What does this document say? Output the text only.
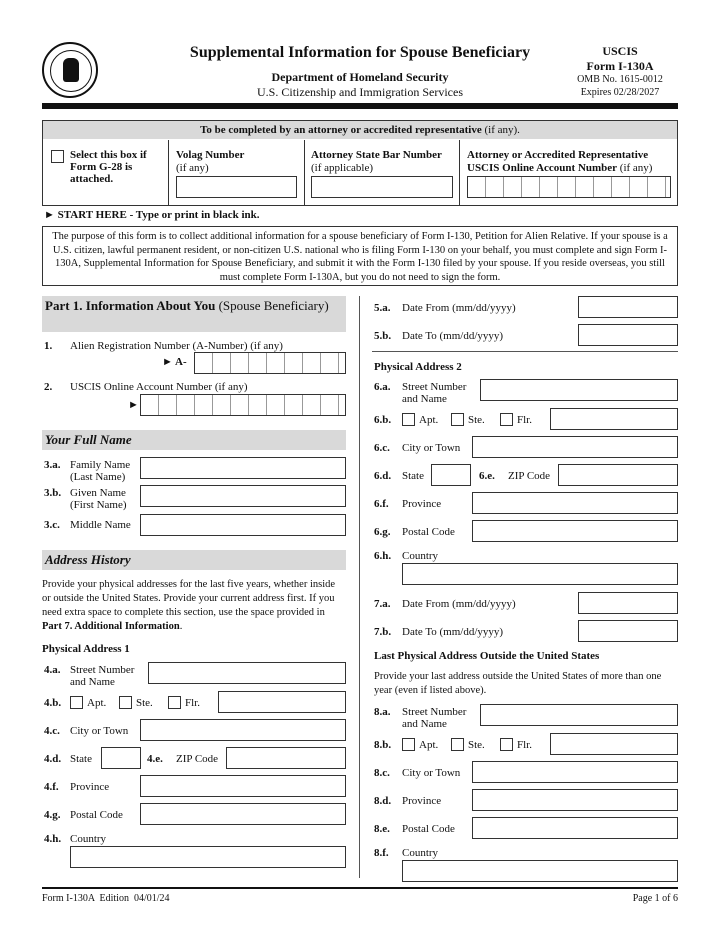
Supplemental Information for Spouse Beneficiary
Department of Homeland Security
U.S. Citizenship and Immigration Services
USCIS
Form I-130A
OMB No. 1615-0012
Expires 02/28/2027
To be completed by an attorney or accredited representative (if any).
Select this box if Form G-28 is attached.
Volag Number
(if any)
Attorney State Bar Number
(if applicable)
Attorney or Accredited Representative
USCIS Online Account Number (if any)
► START HERE - Type or print in black ink.
The purpose of this form is to collect additional information for a spouse beneficiary of Form I-130, Petition for Alien Relative. If your spouse is a U.S. citizen, lawful permanent resident, or non-citizen U.S. national who is filing Form I-130 on your behalf, you must complete and sign Form I-130A, Supplemental Information for Spouse Beneficiary, and submit it with the Form I-130 filed by your spouse. If you reside overseas, you still must complete Form I-130A, but you do not need to sign the form.
Part 1. Information About You (Spouse Beneficiary)
1. Alien Registration Number (A-Number) (if any)
► A-
2. USCIS Online Account Number (if any)
►
Your Full Name
3.a. Family Name (Last Name)
3.b. Given Name (First Name)
3.c. Middle Name
Address History
Provide your physical addresses for the last five years, whether inside or outside the United States. Provide your current address first. If you need extra space to complete this section, use the space provided in Part 7. Additional Information.
Physical Address 1
4.a. Street Number and Name
4.b. Apt.	Ste.	Flr.
4.c. City or Town
4.d. State	4.e. ZIP Code
4.f. Province
4.g. Postal Code
4.h. Country
5.a. Date From (mm/dd/yyyy)
5.b. Date To (mm/dd/yyyy)
Physical Address 2
6.a. Street Number and Name
6.b.	Apt.	Ste.	Flr.
6.c. City or Town
6.d. State	6.e. ZIP Code
6.f. Province
6.g. Postal Code
6.h. Country
7.a. Date From (mm/dd/yyyy)
7.b. Date To (mm/dd/yyyy)
Last Physical Address Outside the United States
Provide your last address outside the United States of more than one year (even if listed above).
8.a. Street Number and Name
8.b.	Apt.	Ste.	Flr.
8.c. City or Town
8.d. Province
8.e. Postal Code
8.f. Country
Form I-130A  Edition  04/01/24	Page 1 of 6
